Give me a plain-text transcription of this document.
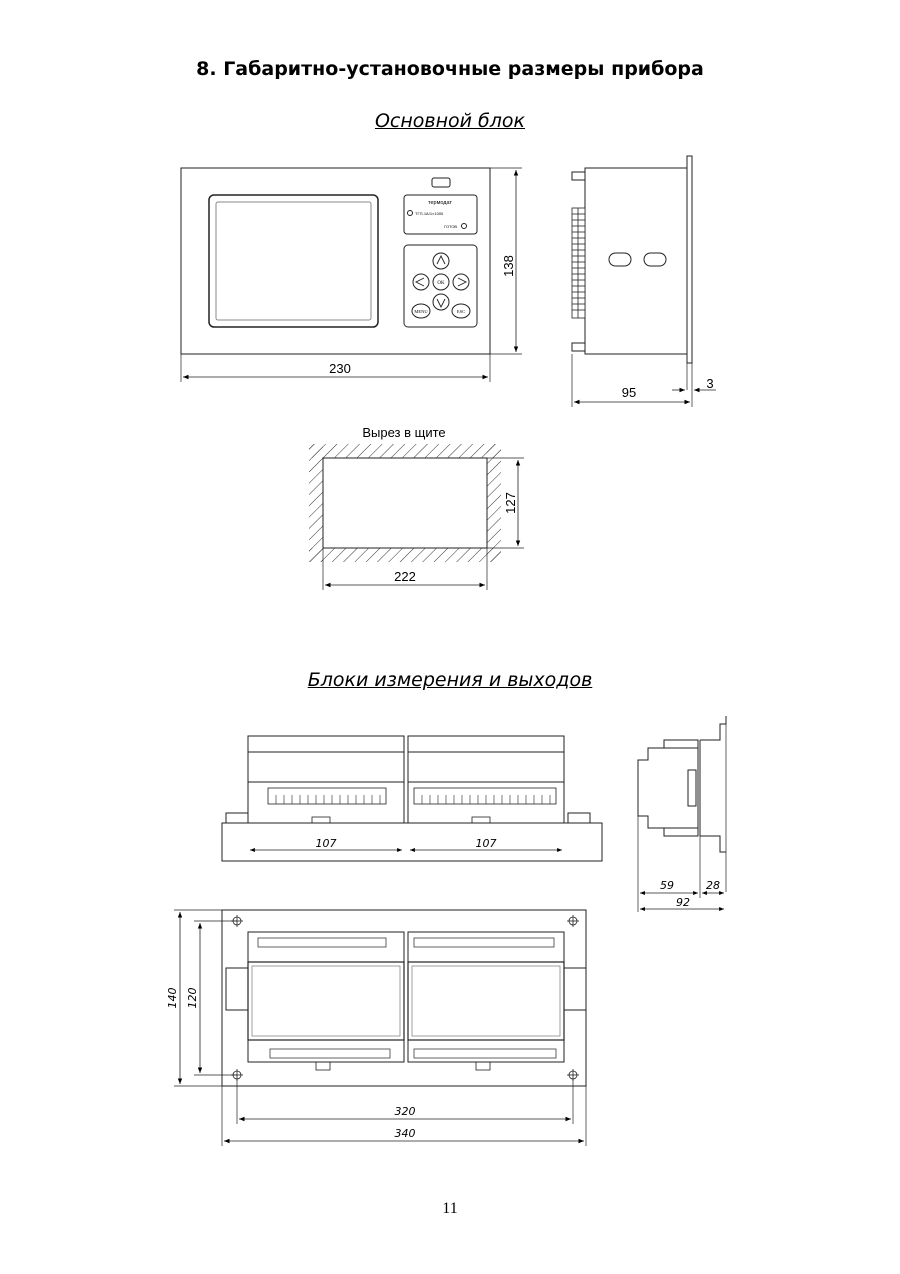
8. Габаритно-установочные размеры прибора
Основной блок
Блоки измерения и выходов
термодат
ТГП-1А/1×1000
ГОТОВ
OK
MENU	ESC
138
230
95
3
Вырез в щите
127
222
107	107
59	28
92
140 120
320
340
11
